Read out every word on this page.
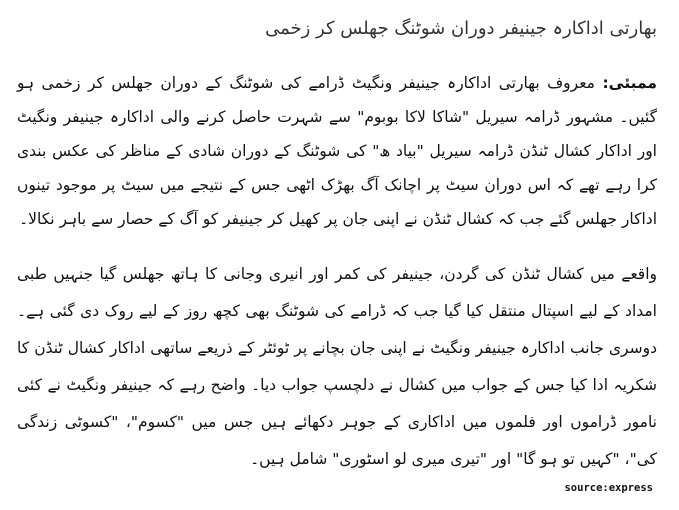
بھارتی اداکارہ جینیفر دوران شوٹنگ جھلس کر زخمی

ممبئی: معروف بھارتی اداکارہ جینیفر ونگیٹ ڈرامے کی شوٹنگ کے دوران جھلس کر زخمی ہو گئیں۔ مشہور ڈرامہ سیریل "شاکا لاکا بوبوم" سے شہرت حاصل کرنے والی اداکارہ جینیفر ونگیٹ اور اداکار کشال ٹنڈن ڈرامہ سیریل "بیاد ھ" کی شوٹنگ کے دوران شادی کے مناظر کی عکس بندی کرا رہے تھے کہ اس دوران سیٹ پر اچانک آگ بھڑک اٹھی جس کے نتیجے میں سیٹ پر موجود تینوں اداکار جھلس گئے جب کہ کشال ٹنڈن نے اپنی جان پر کھیل کر جینیفر کو آگ کے حصار سے باہر نکالا۔

واقعے میں کشال ٹنڈن کی گردن، جینیفر کی کمر اور انیری وجانی کا ہاتھ جھلس گیا جنہیں طبی امداد کے لیے اسپتال منتقل کیا گیا جب کہ ڈرامے کی شوٹنگ بھی کچھ روز کے لیے روک دی گئی ہے۔ دوسری جانب اداکارہ جینیفر ونگیٹ نے اپنی جان بچانے پر ٹوئٹر کے ذریعے ساتھی اداکار کشال ٹنڈن کا شکریہ ادا کیا جس کے جواب میں کشال نے دلچسپ جواب دیا۔ واضح رہے کہ جینیفر ونگیٹ نے کئی نامور ڈراموں اور فلموں میں اداکاری کے جوہر دکھائے ہیں جس میں "کسوم"، "کسوٹی زندگی کی"، "کہیں تو ہو گا" اور "تیری میری لو اسٹوری" شامل ہیں۔

source:express
